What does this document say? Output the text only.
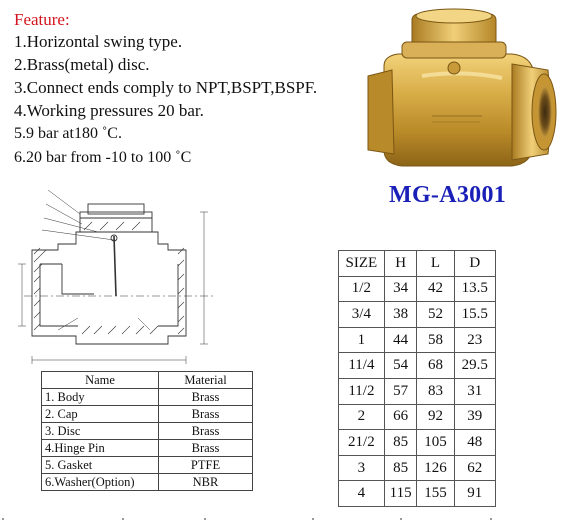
Feature:
1.Horizontal swing type.
2.Brass(metal) disc.
3.Connect ends comply to NPT,BSPT,BSPF.
4.Working pressures 20 bar.
5.9 bar at180 ˚C.
6.20 bar from -10 to 100 ˚C
MG-A3001
Name	Material
1. Body	Brass
2. Cap	Brass
3. Disc	Brass
4.Hinge Pin	Brass
5. Gasket	PTFE
6.Washer(Option)	NBR
SIZE	H	L	D
1/2	34	42	13.5
3/4	38	52	15.5
1	44	58	23
11/4	54	68	29.5
11/2	57	83	31
2	66	92	39
21/2	85	105	48
3	85	126	62
4	115	155	91
